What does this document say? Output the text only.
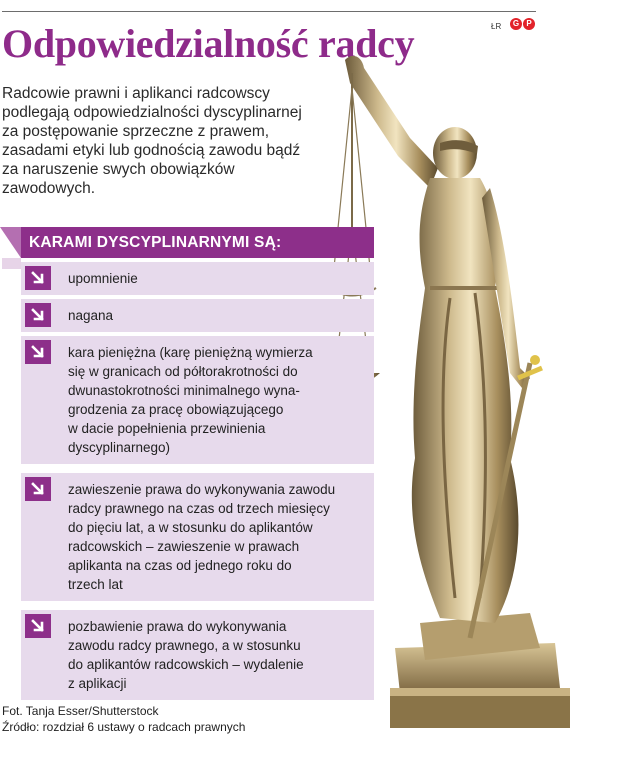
ŁR	G P
Odpowiedzialność radcy
Radcowie prawni i aplikanci radcowscy
podlegają odpowiedzialności dyscyplinarnej
za postępowanie sprzeczne z prawem,
zasadami etyki lub godnością zawodu bądź
za naruszenie swych obowiązków
zawodowych.
KARAMI DYSCYPLINARNYMI SĄ:
upomnienie
nagana
kara pieniężna (karę pieniężną wymierza
się w granicach od półtorakrotności do
dwunastokrotności minimalnego wyna-
grodzenia za pracę obowiązującego
w dacie popełnienia przewinienia
dyscyplinarnego)
zawieszenie prawa do wykonywania zawodu
radcy prawnego na czas od trzech miesięcy
do pięciu lat, a w stosunku do aplikantów
radcowskich – zawieszenie w prawach
aplikanta na czas od jednego roku do
trzech lat
pozbawienie prawa do wykonywania
zawodu radcy prawnego, a w stosunku
do aplikantów radcowskich – wydalenie
z aplikacji
Fot. Tanja Esser/Shutterstock
Źródło: rozdział 6 ustawy o radcach prawnych
